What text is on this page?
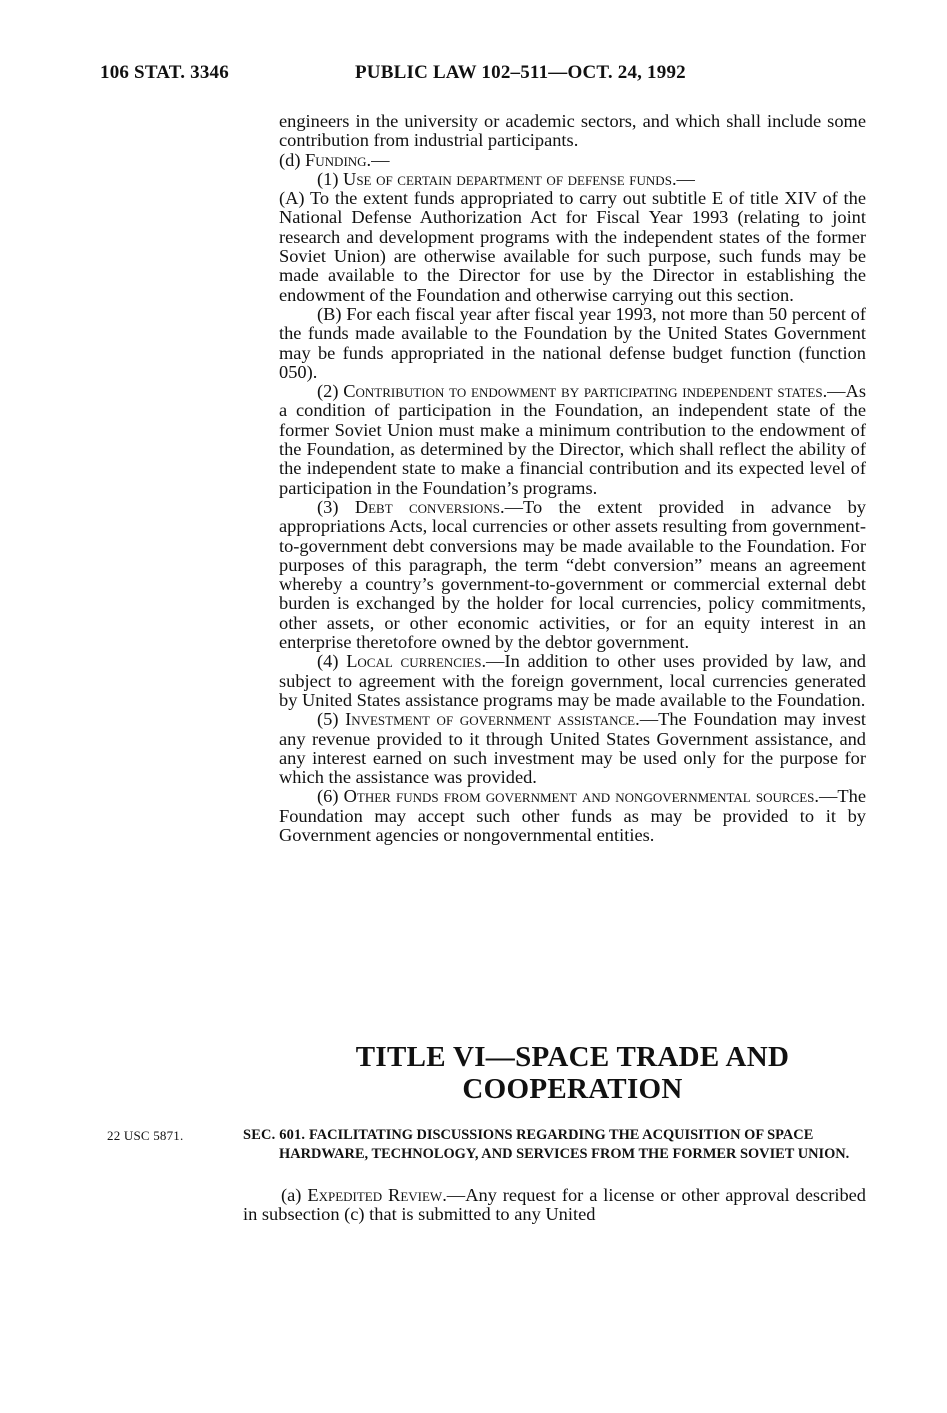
106 STAT. 3346	PUBLIC LAW 102–511—OCT. 24, 1992

engineers in the university or academic sectors, and which shall include some contribution from industrial participants.

(d) Funding.—

(1) Use of certain department of defense funds.—

(A) To the extent funds appropriated to carry out subtitle E of title XIV of the National Defense Authorization Act for Fiscal Year 1993 (relating to joint research and development programs with the independent states of the former Soviet Union) are otherwise available for such purpose, such funds may be made available to the Director for use by the Director in establishing the endowment of the Foundation and otherwise carrying out this section.

(B) For each fiscal year after fiscal year 1993, not more than 50 percent of the funds made available to the Foundation by the United States Government may be funds appropriated in the national defense budget function (function 050).

(2) Contribution to endowment by participating independent states.—As a condition of participation in the Foundation, an independent state of the former Soviet Union must make a minimum contribution to the endowment of the Foundation, as determined by the Director, which shall reflect the ability of the independent state to make a financial contribution and its expected level of participation in the Foundation’s programs.

(3) Debt conversions.—To the extent provided in advance by appropriations Acts, local currencies or other assets resulting from government-to-government debt conversions may be made available to the Foundation. For purposes of this paragraph, the term “debt conversion” means an agreement whereby a country’s government-to-government or commercial external debt burden is exchanged by the holder for local currencies, policy commitments, other assets, or other economic activities, or for an equity interest in an enterprise theretofore owned by the debtor government.

(4) Local currencies.—In addition to other uses provided by law, and subject to agreement with the foreign government, local currencies generated by United States assistance programs may be made available to the Foundation.

(5) Investment of government assistance.—The Foundation may invest any revenue provided to it through United States Government assistance, and any interest earned on such investment may be used only for the purpose for which the assistance was provided.

(6) Other funds from government and nongovernmental sources.—The Foundation may accept such other funds as may be provided to it by Government agencies or nongovernmental entities.

TITLE VI—SPACE TRADE AND
COOPERATION
22 USC 5871.	SEC. 601. FACILITATING DISCUSSIONS REGARDING THE ACQUISITION OF SPACE HARDWARE, TECHNOLOGY, AND SERVICES FROM THE FORMER SOVIET UNION.

(a) Expedited Review.—Any request for a license or other approval described in subsection (c) that is submitted to any United
